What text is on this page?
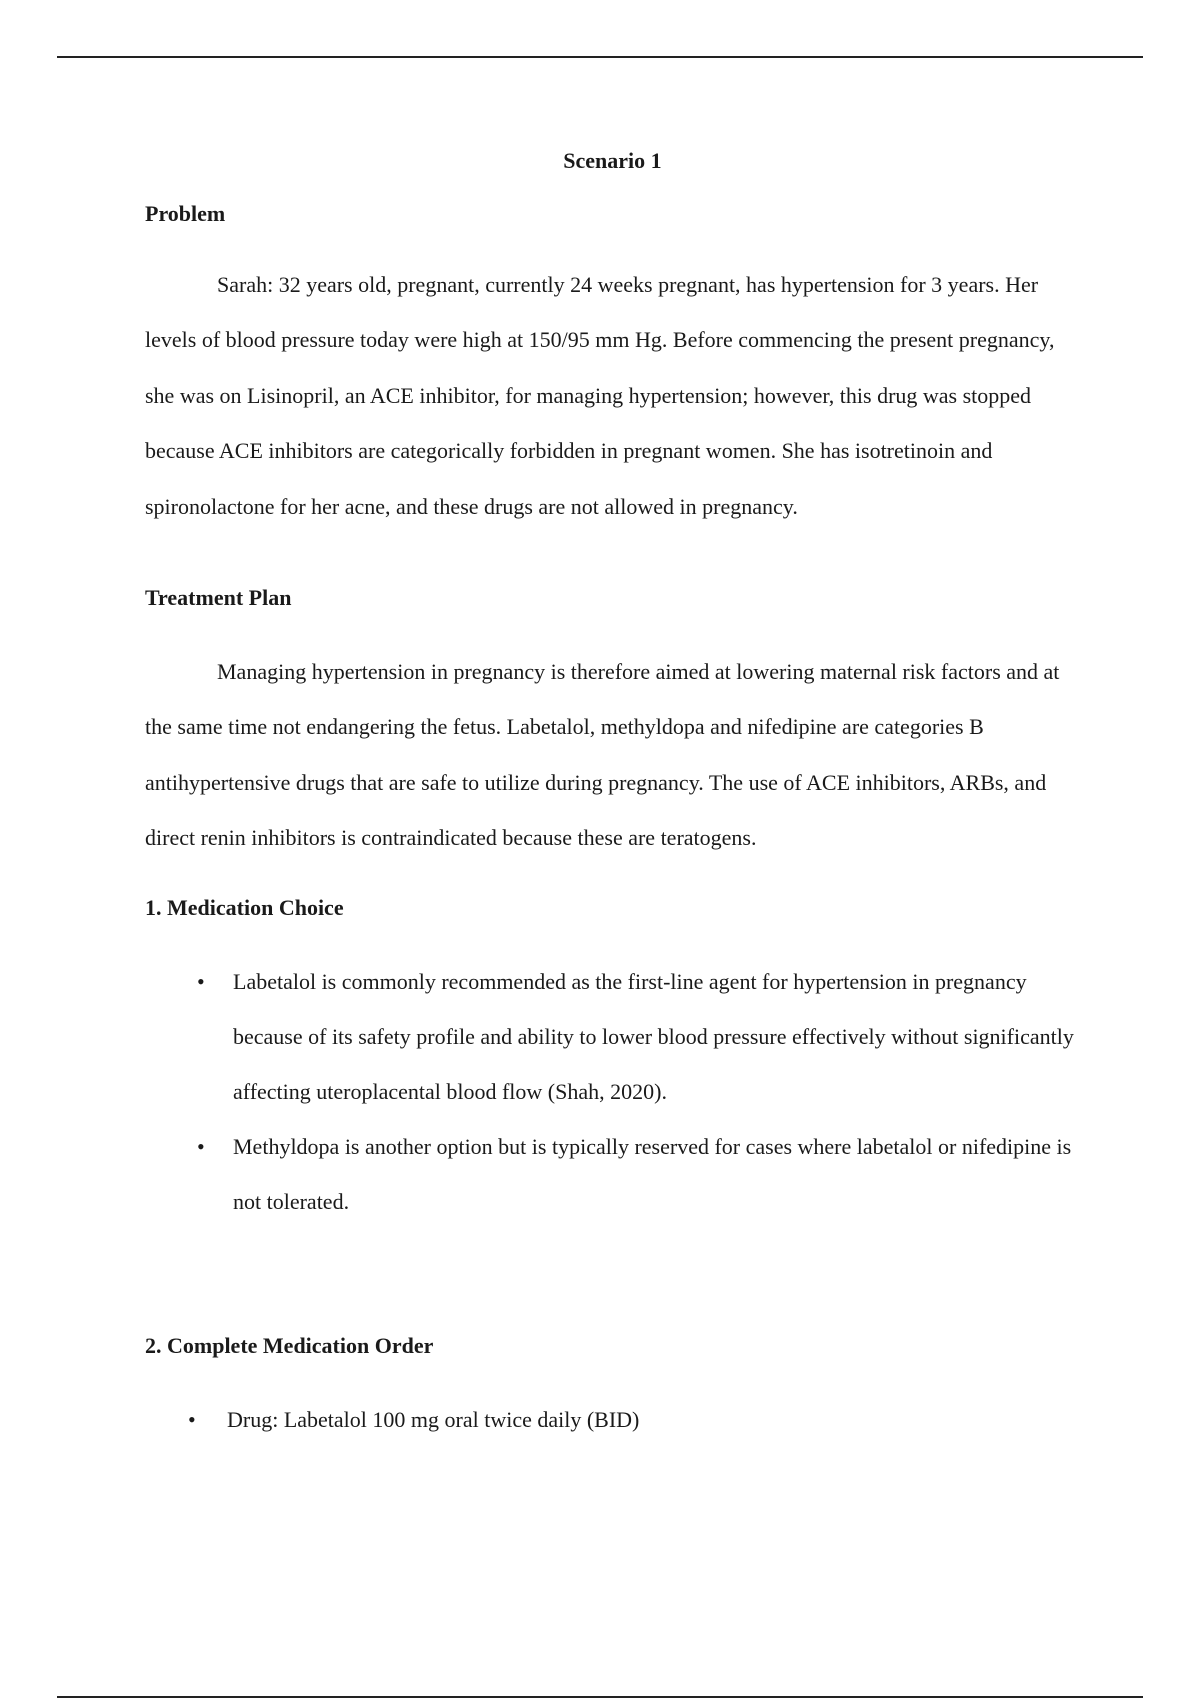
Scenario 1
Problem

Sarah: 32 years old, pregnant, currently 24 weeks pregnant, has hypertension for 3 years. Her levels of blood pressure today were high at 150/95 mm Hg. Before commencing the present pregnancy, she was on Lisinopril, an ACE inhibitor, for managing hypertension; however, this drug was stopped because ACE inhibitors are categorically forbidden in pregnant women. She has isotretinoin and spironolactone for her acne, and these drugs are not allowed in pregnancy.

Treatment Plan

Managing hypertension in pregnancy is therefore aimed at lowering maternal risk factors and at the same time not endangering the fetus. Labetalol, methyldopa and nifedipine are categories B antihypertensive drugs that are safe to utilize during pregnancy. The use of ACE inhibitors, ARBs, and direct renin inhibitors is contraindicated because these are teratogens.

1. Medication Choice
• Labetalol is commonly recommended as the first-line agent for hypertension in pregnancy because of its safety profile and ability to lower blood pressure effectively without significantly affecting uteroplacental blood flow (Shah, 2020).
• Methyldopa is another option but is typically reserved for cases where labetalol or nifedipine is not tolerated.
2. Complete Medication Order
• Drug: Labetalol 100 mg oral twice daily (BID)
